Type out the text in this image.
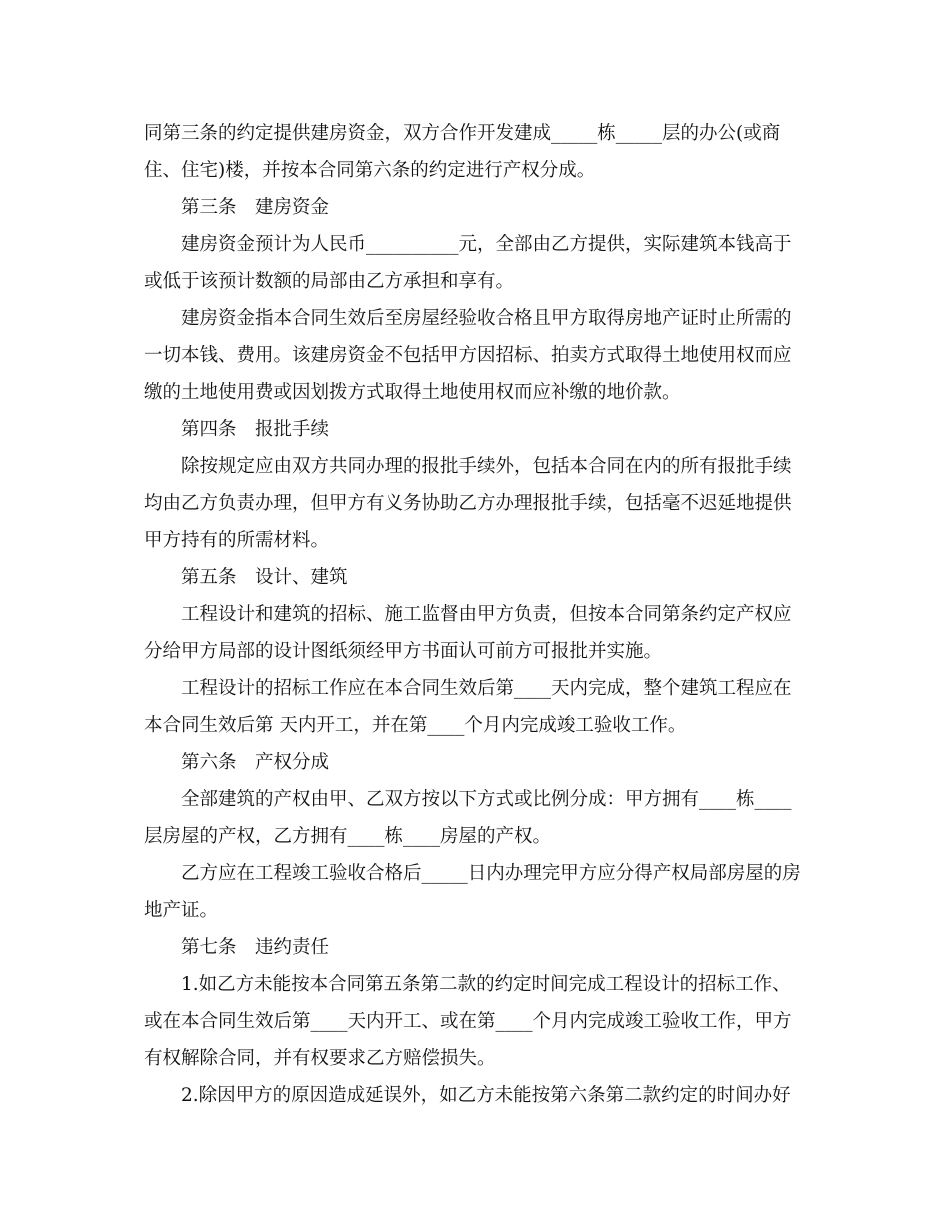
同第三条的约定提供建房资金，双方合作开发建成_____栋_____层的办公(或商
住、住宅)楼，并按本合同第六条的约定进行产权分成。
第三条　建房资金
建房资金预计为人民币__________元，全部由乙方提供，实际建筑本钱高于
或低于该预计数额的局部由乙方承担和享有。
建房资金指本合同生效后至房屋经验收合格且甲方取得房地产证时止所需的
一切本钱、费用。该建房资金不包括甲方因招标、拍卖方式取得土地使用权而应
缴的土地使用费或因划拨方式取得土地使用权而应补缴的地价款。
第四条　报批手续
除按规定应由双方共同办理的报批手续外，包括本合同在内的所有报批手续
均由乙方负责办理，但甲方有义务协助乙方办理报批手续，包括毫不迟延地提供
甲方持有的所需材料。
第五条　设计、建筑
工程设计和建筑的招标、施工监督由甲方负责，但按本合同第条约定产权应
分给甲方局部的设计图纸须经甲方书面认可前方可报批并实施。
工程设计的招标工作应在本合同生效后第____天内完成，整个建筑工程应在
本合同生效后第 天内开工，并在第____个月内完成竣工验收工作。
第六条　产权分成
全部建筑的产权由甲、乙双方按以下方式或比例分成：甲方拥有____栋____
层房屋的产权，乙方拥有____栋____房屋的产权。
乙方应在工程竣工验收合格后_____日内办理完甲方应分得产权局部房屋的房
地产证。
第七条　违约责任
1.如乙方未能按本合同第五条第二款的约定时间完成工程设计的招标工作、
或在本合同生效后第____天内开工、或在第____个月内完成竣工验收工作，甲方
有权解除合同，并有权要求乙方赔偿损失。
2.除因甲方的原因造成延误外，如乙方未能按第六条第二款约定的时间办好
